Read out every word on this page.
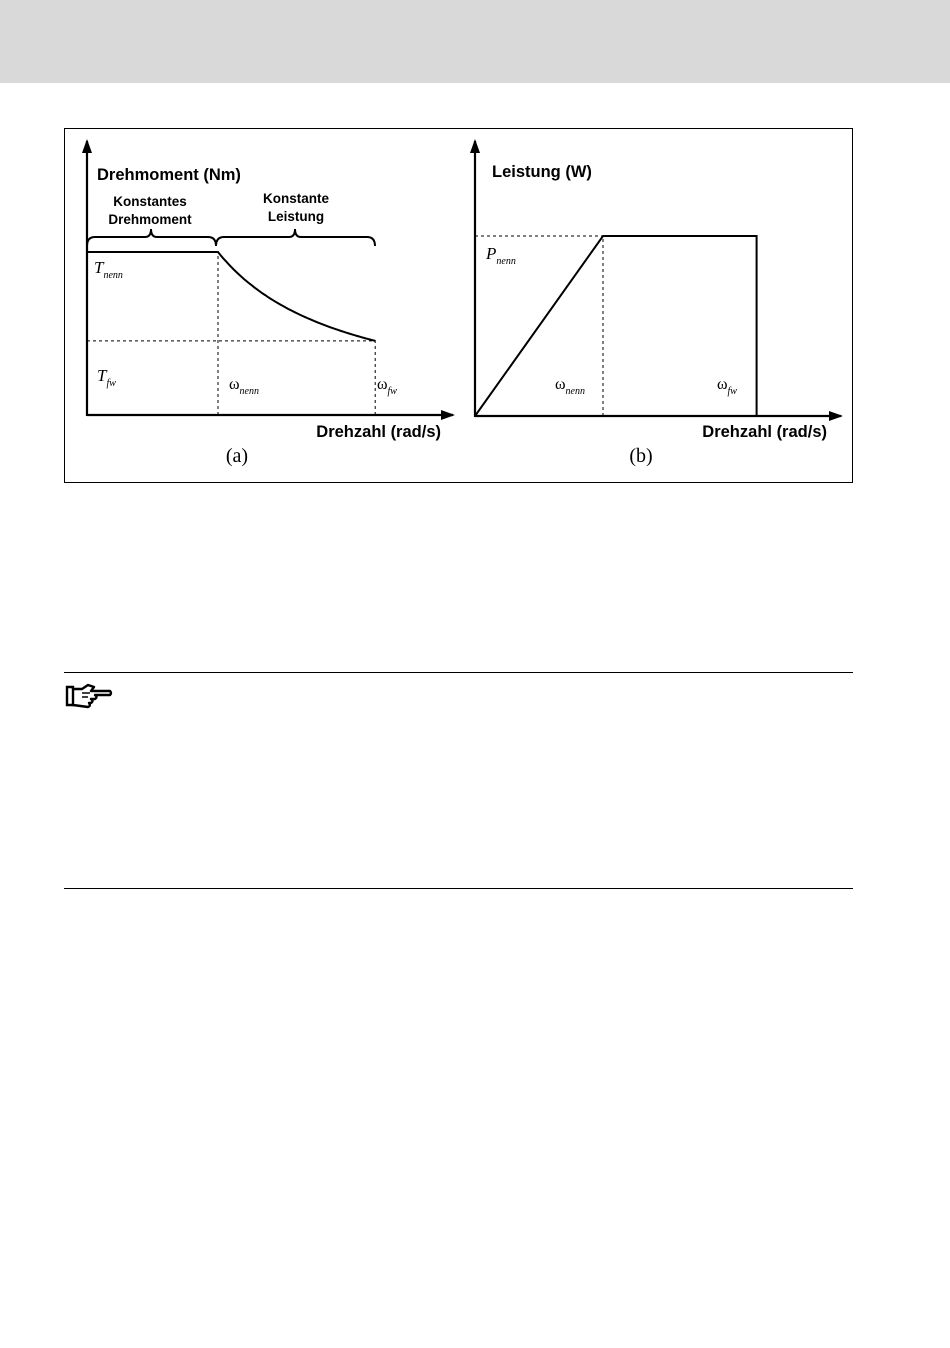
Drehmoment (Nm)
Konstantes
Drehmoment
Konstante
Leistung
$T_{nenn}$
$T_{fw}$	$\omega_{nenn}$	$\omega_{fw}$
Drehzahl (rad/s)
(a)
Leistung (W)
$P_{nenn}$
$\omega_{nenn}$	$\omega_{fw}$
Drehzahl (rad/s)
(b)
